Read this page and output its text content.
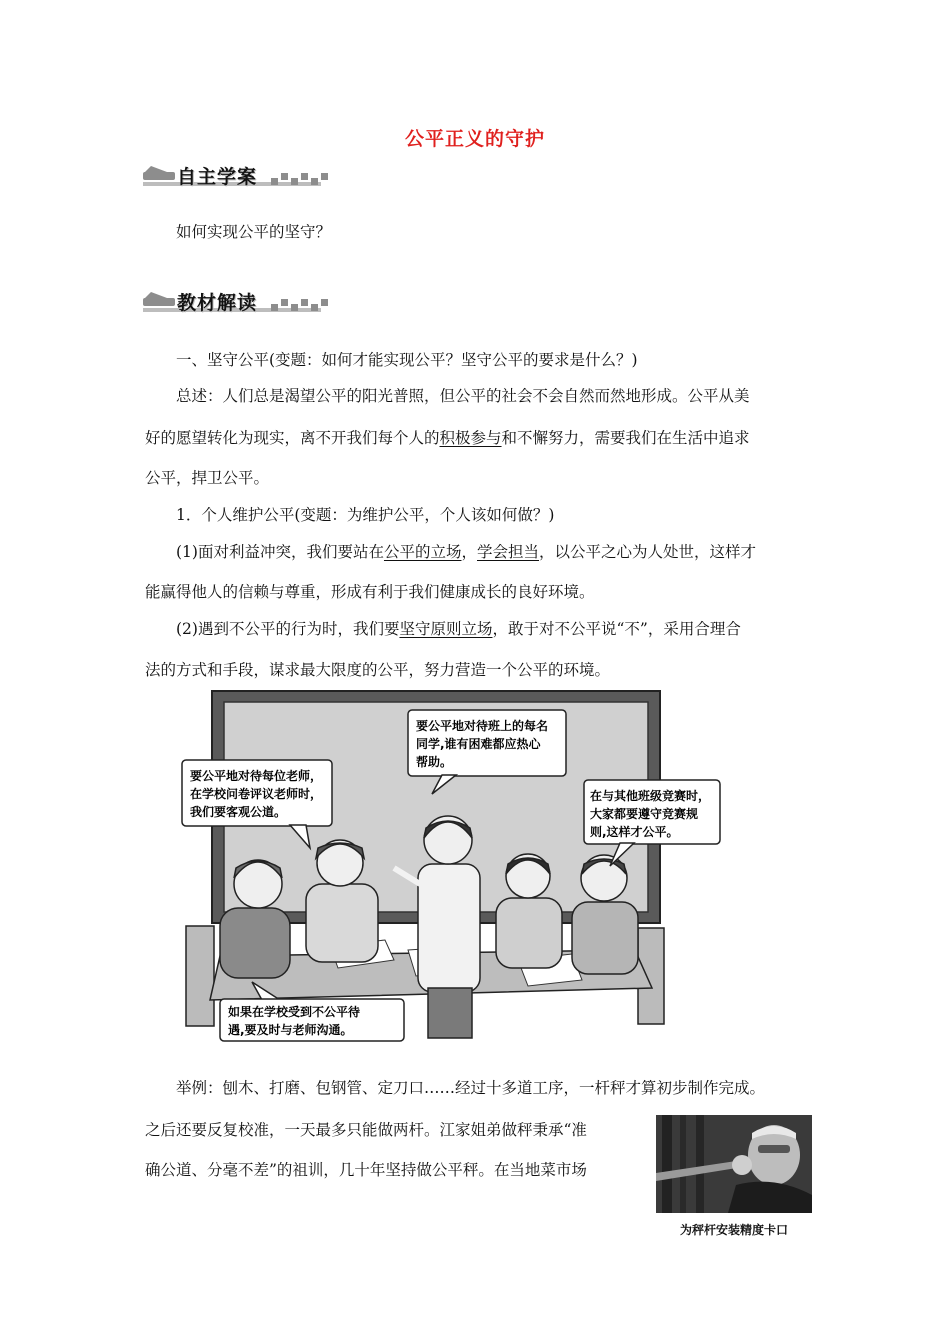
公平正义的守护
自主学案
如何实现公平的坚守？
教材解读
一、坚守公平(变题：如何才能实现公平？坚守公平的要求是什么？)
总述：人们总是渴望公平的阳光普照，但公平的社会不会自然而然地形成。公平从美
好的愿望转化为现实，离不开我们每个人的积极参与和不懈努力，需要我们在生活中追求
公平，捍卫公平。
1．个人维护公平(变题：为维护公平，个人该如何做？)
(1)面对利益冲突，我们要站在公平的立场，学会担当，以公平之心为人处世，这样才
能赢得他人的信赖与尊重，形成有利于我们健康成长的良好环境。
(2)遇到不公平的行为时，我们要坚守原则立场，敢于对不公平说“不”，采用合理合
法的方式和手段，谋求最大限度的公平，努力营造一个公平的环境。
要公平地对待每位老师，
在学校问卷评议老师时，
我们要客观公道。
要公平地对待班上的每名
同学,谁有困难都应热心
帮助。
在与其他班级竞赛时，
大家都要遵守竞赛规
则,这样才公平。
如果在学校受到不公平待
遇,要及时与老师沟通。
举例：刨木、打磨、包钢管、定刀口……经过十多道工序，一杆秤才算初步制作完成。
之后还要反复校准，一天最多只能做两杆。江家姐弟做秤秉承“准
确公道、分毫不差”的祖训，几十年坚持做公平秤。在当地菜市场
为秤杆安装精度卡口
